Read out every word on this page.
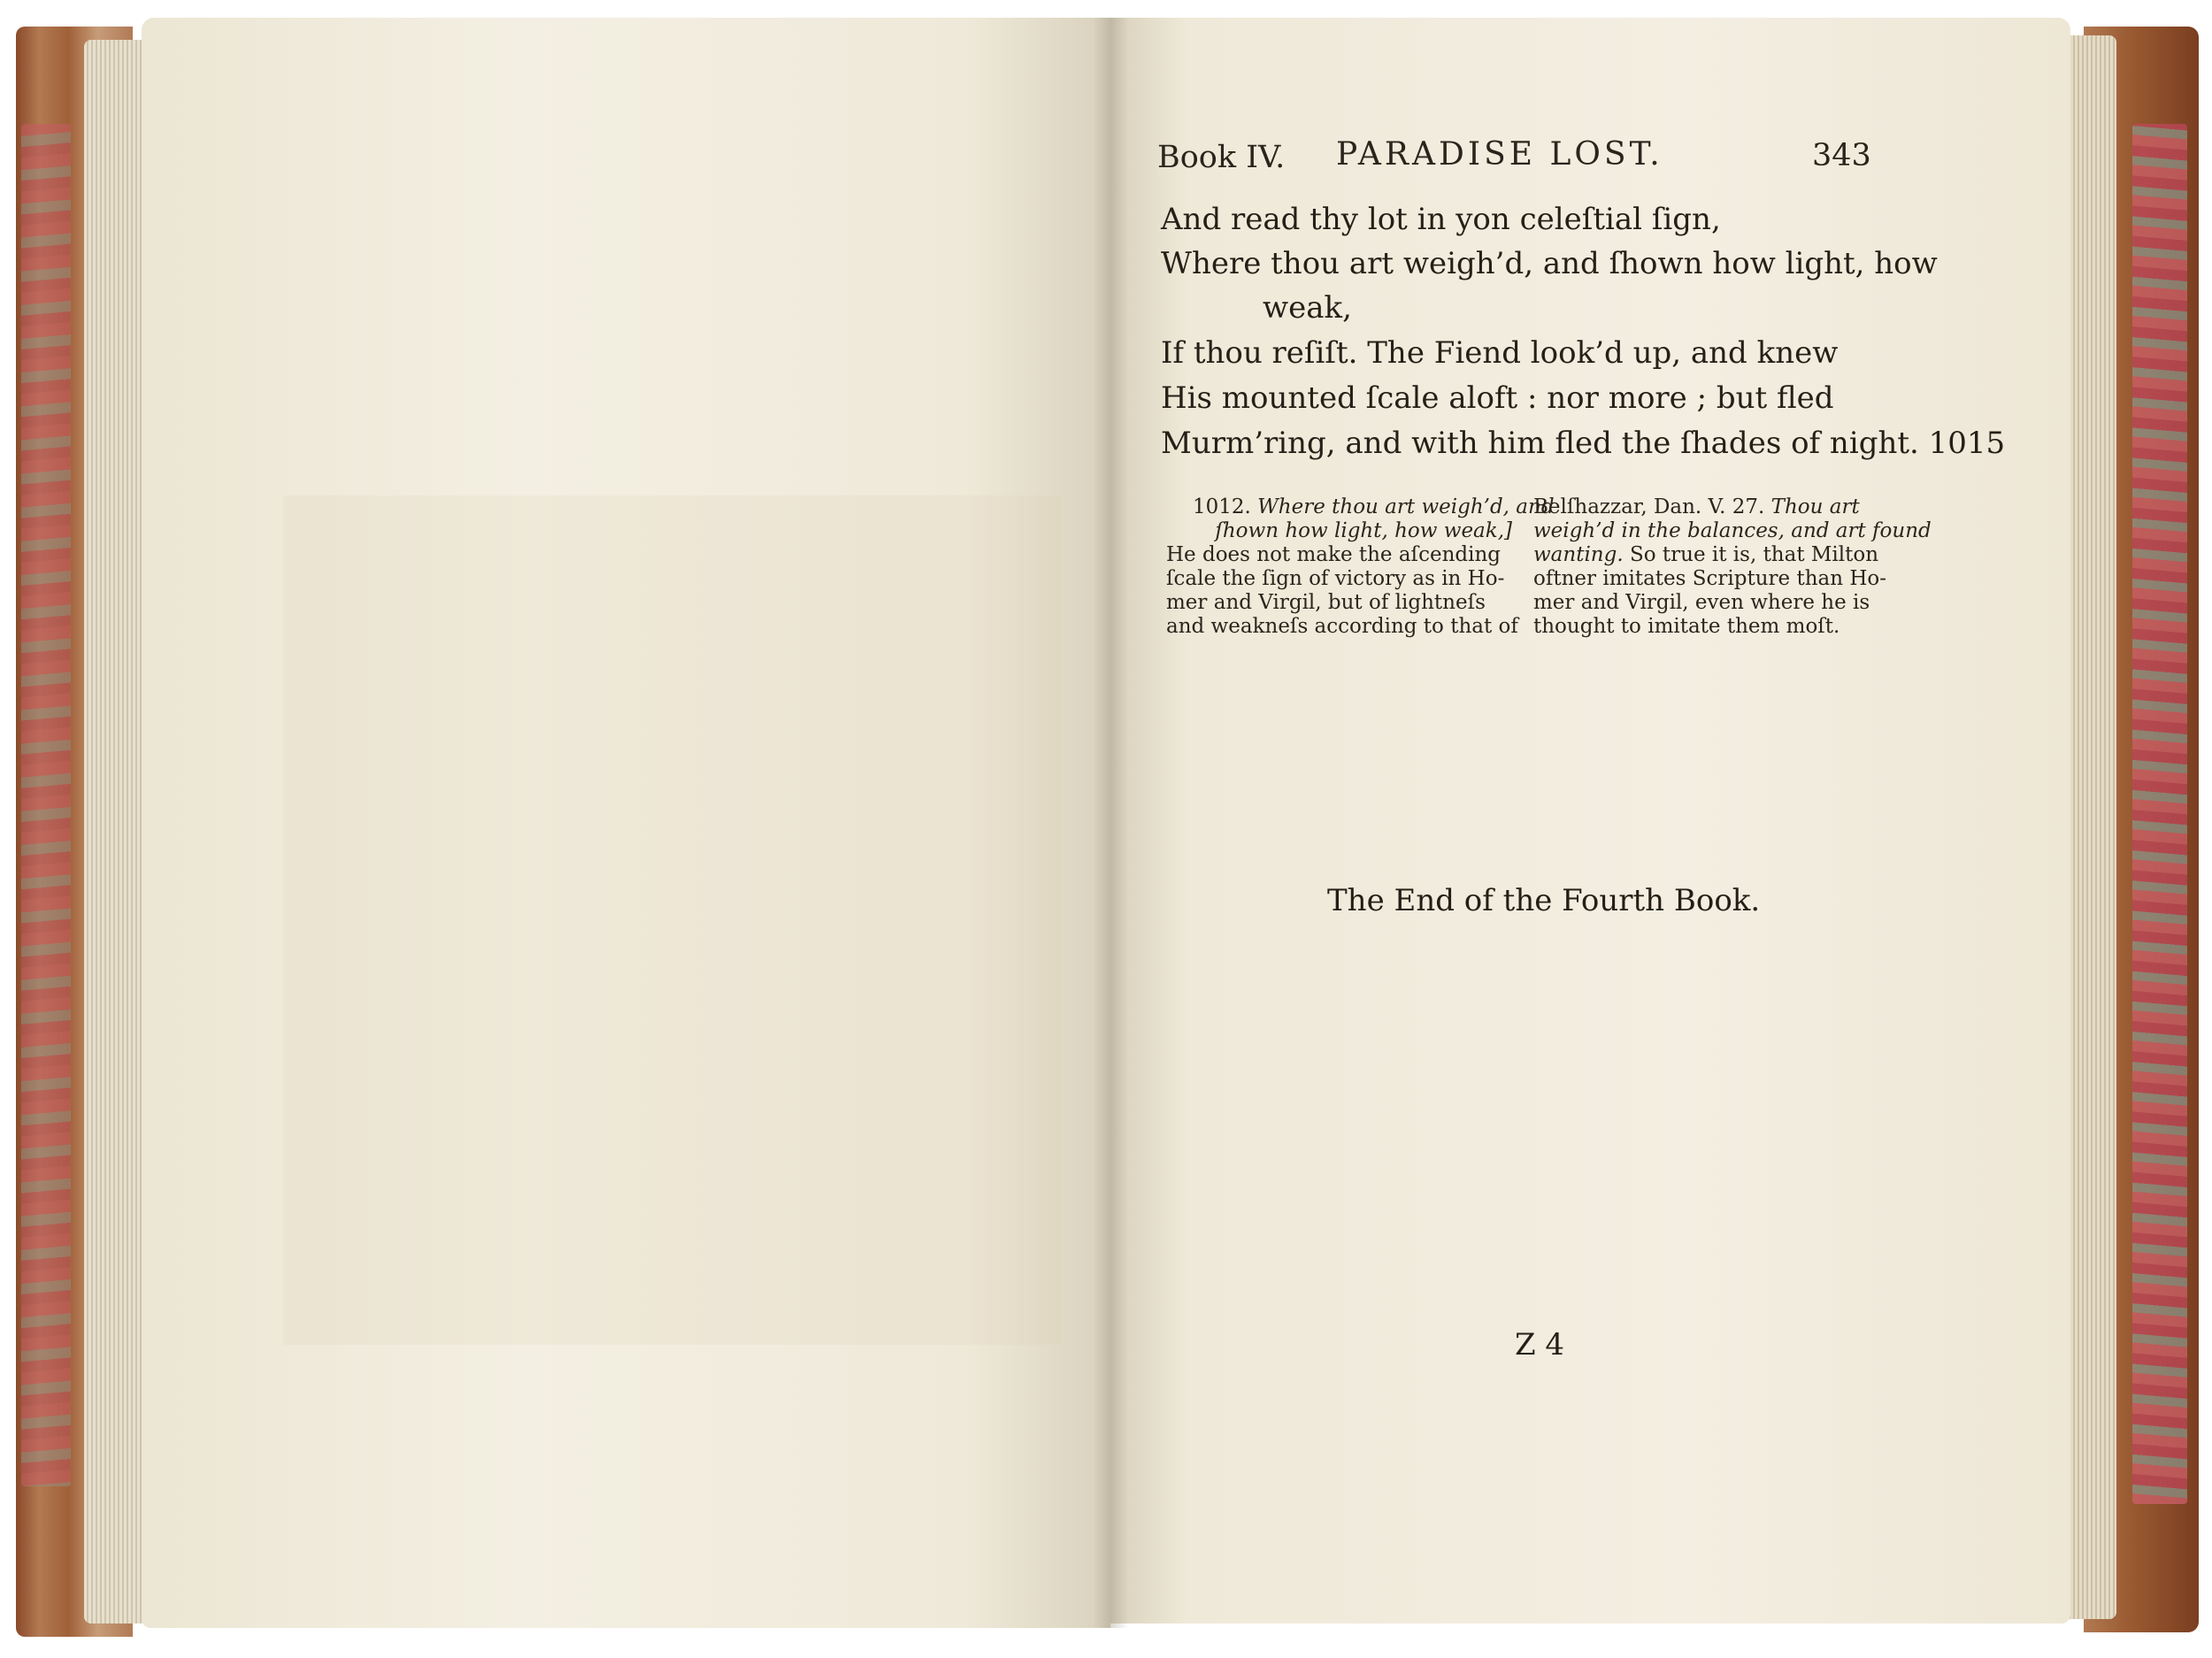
Book IV. PARADISE LOST.	343
And read thy lot in yon celeſtial ſign,
Where thou art weigh’d, and ſhown how light, how
weak,
If thou reſiſt. The Fiend look’d up, and knew
His mounted ſcale aloft : nor more ; but fled
Murm’ring, and with him fled the ſhades of night. 1015
1012. Where thou art weigh’d, and
ſhown how light, how weak,]
He does not make the aſcending
ſcale the ſign of victory as in Ho-
mer and Virgil, but of lightneſs
and weakneſs according to that of
Belſhazzar, Dan. V. 27. Thou art
weigh’d in the balances, and art found
wanting. So true it is, that Milton
oftner imitates Scripture than Ho-
mer and Virgil, even where he is
thought to imitate them moſt.
The End of the Fourth Book.
Z 4
